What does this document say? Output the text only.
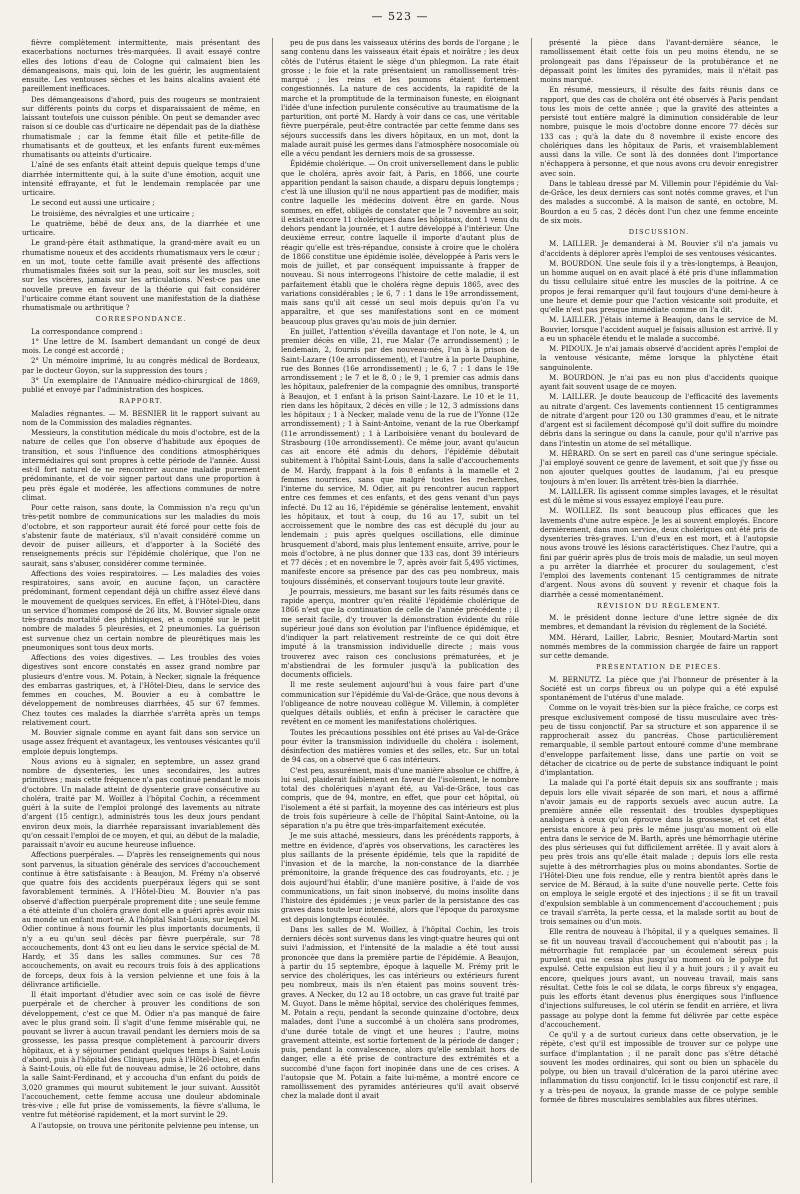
— 523 —

fièvre complètement intermittente, mais présentant des exacerbations nocturnes très-marquées. Il avait essayé contre elles des lotions d'eau de Cologne qui calmaient bien les démangeaisons, mais qui, loin de les guérir, les augmentaient ensuite. Les ventouses sèches et les bains alcalins avaient été pareillement inefficaces.

Des démangeaisons d'abord, puis des rougeurs se montraient sur différents points du corps et disparaissaient de même, en laissant toutefois une cuisson pénible. On peut se demander avec raison si ce double cas d'urticaire ne dépendait pas de la diathèse rhumatismale ; car la femme était fille et petite-fille de rhumatisants et de goutteux, et les enfants furent eux-mêmes rhumatisants ou atteints d'urticaire.

L'aîné de ses enfants était atteint depuis quelque temps d'une diarrhée intermittente qui, à la suite d'une émotion, acquit une intensité effrayante, et fut le lendemain remplacée par une urticaire.

Le second eut aussi une urticaire ;

Le troisième, des névralgies et une urticaire ;

Le quatrième, bébé de deux ans, de la diarrhée et une urticaire.

Le grand-père était asthmatique, la grand-mère avait eu un rhumatisme noueux et des accidents rhumatismaux vers le cœur ; en un mot, toute cette famille avait présenté des affections rhumatismales fixées soit sur la peau, soit sur les muscles, soit sur les viscères, jamais sur les articulations. N'est-ce pas une nouvelle preuve en faveur de la théorie qui fait considérer l'urticaire comme étant souvent une manifestation de la diathèse rhumatismale ou arthritique ?

CORRESPONDANCE.

La correspondance comprend :

1° Une lettre de M. Isambert demandant un congé de deux mois. Le congé est accordé ;

2° Un mémoire imprimé, lu au congrès médical de Bordeaux, par le docteur Goyon, sur la suppression des tours ;

3° Un exemplaire de l'Annuaire médico-chirurgical de 1869, publié et envoyé par l'administration des hospices.

RAPPORT.

Maladies régnantes. — M. BESNIER lit le rapport suivant au nom de la Commission des maladies régnantes.

Messieurs, la constitution médicale du mois d'octobre, est de la nature de celles que l'on observe d'habitude aux époques de transition, et sous l'influence des conditions atmosphériques intermédiaires qui sont propres à cette période de l'année. Aussi est-il fort naturel de ne rencontrer aucune maladie purement prédominante, et de voir signer partout dans une proportion à peu près égale et modérée, les affections communes de notre climat.

Pour cette raison, sans doute, la Commission n'a reçu qu'un très-petit nombre de communications sur les maladies du mois d'octobre, et son rapporteur aurait été forcé pour cette fois de s'abstenir faute de matériaux, s'il n'avait considéré comme un devoir de puiser ailleurs, et d'apporter à la Société des renseignements précis sur l'épidémie cholérique, que l'on ne saurait, sans s'abuser, considérer comme terminée.

Affections des voies respiratoires. — Les maladies des voies respiratoires, sans avoir, en aucune façon, un caractère prédominant, forment cependant déjà un chiffre assez élevé dans le mouvement de quelques services. En effet, à l'Hôtel-Dieu, dans un service d'hommes composé de 26 lits, M. Bouvier signale onze très-grands mortalité des phthisiques, et a compté sur le petit nombre de malades 5 pleurésies, et 2 pneumonies. La guérison est survenue chez un certain nombre de pleurétiques mais les pneumoniques sont tous deux morts.

Affections des voies digestives. — Les troubles des voies digestives sont encore constatés en assez grand nombre par plusieurs d'entre vous. M. Potain, à Necker, signale la fréquence des embarras gastriques, et, à l'Hôtel-Dieu, dans le service des femmes en couches, M. Bouvier a eu à combattre le développement de nombreuses diarrhées, 45 sur 67 femmes. Chez toutes ces malades la diarrhée s'arrêta après un temps relativement court.

M. Bouvier signale comme en ayant fait dans son service un usage assez fréquent et avantageux, les ventouses vésicantes qu'il emploie depuis longtemps.

Nous avions eu à signaler, en septembre, un assez grand nombre de dysenteries, les unes secondaires, les autres primitives ; mais cette fréquence n'a pas continué pendant le mois d'octobre. Un malade atteint de dysenterie grave consécutive au choléra, traité par M. Woillez à l'hôpital Cochin, a récemment guéri à la suite de l'emploi prolongé des lavements au nitrate d'argent (15 centigr.), administrés tous les deux jours pendant environ deux mois, la diarrhée reparaissant invariablement dès qu'on cessait l'emploi de ce moyen, et qui, au début de la maladie, paraissait n'avoir eu aucune heureuse influence.

Affections puerpérales. — D'après les renseignements qui nous sont parvenus, la situation générale des services d'accouchement continue à être satisfaisante : à Beaujon, M. Frémy n'a observé que quatre fois des accidents puerpéraux légers qui se sont favorablement terminés. A l'Hôtel-Dieu M. Bouvier n'a pas observé d'affection puerpérale proprement dite ; une seule femme a été atteinte d'un choléra grave dont elle a guéri après avoir mis au monde un enfant mort-né. A l'hôpital Saint-Louis, sur lequel M. Odier continue à nous fournir les plus importants documents, il n'y a eu qu'un seul décès par fièvre puerpérale, sur 78 accouchements, dont 43 ont eu lieu dans le service spécial de M. Hardy, et 35 dans les salles communes. Sur ces 78 accouchements, on avait eu recours trois fois à des applications de forceps, deux fois à la version pelvienne et une fois à la délivrance artificielle.

Il était important d'étudier avec soin ce cas isolé de fièvre puerpérale et de chercher à prouver les conditions de son développement, c'est ce que M. Odier n'a pas manqué de faire avec le plus grand soin. Il s'agit d'une femme misérable qui, ne pouvant se livrer à aucun travail pendant les derniers mois de sa grossesse, les passa presque complètement à parcourir divers hôpitaux, et à y séjourner pendant quelques temps à Saint-Louis d'abord, puis à l'hôpital des Cliniques, puis à l'Hôtel-Dieu, et enfin à Saint-Louis, où elle fut de nouveau admise, le 26 octobre, dans la salle Saint-Ferdinand, et y accoucha d'un enfant du poids de 3,020 grammes qui mourut subitement le jour suivant. Aussitôt l'accouchement, cette femme accusa une douleur abdominale très-vive ; elle fut prise de vomissements, la fièvre s'alluma, le ventre fut météorisé rapidement, et la mort survint le 29.

A l'autopsie, on trouva une péritonite pelvienne peu intense, un

peu de pus dans les vaisseaux utérins des bords de l'organe ; le sang contenu dans les vaisseaux était épais et noirâtre ; les deux côtés de l'utérus étaient le siège d'un phlegmon. La rate était grosse ; le foie et la rate présentaient un ramollissement très-marqué ; les reins et les poumons étaient fortement congestionnés. La nature de ces accidents, la rapidité de la marche et la promptitude de la terminaison funeste, en éloignant l'idée d'une infection purulente consécutive au traumatisme de la parturition, ont porté M. Hardy à voir dans ce cas, une véritable fièvre puerpérale, peut-être contractée par cette femme dans ses séjours successifs dans les divers hôpitaux, en un mot, dont la malade aurait puisé les germes dans l'atmosphère nosocomiale où elle a vécu pendant les derniers mois de sa grossesse.

Épidémie cholérique. — On croit universellement dans le public que le choléra, après avoir fait, à Paris, en 1866, une courte apparition pendant la saison chaude, a disparu depuis longtemps ; c'est là une illusion qu'il ne nous appartient pas de modifier, mais contre laquelle les médecins doivent être en garde. Nous sommes, en effet, obligés de constater que le 7 novembre au soir, il existait encore 11 cholériques dans les hôpitaux, dont 1 venu du dehors pendant la journée, et 1 autre développé à l'intérieur. Une deuxième erreur, contre laquelle il importe d'autant plus de réagir qu'elle est très-répandue, consiste à croire que le choléra de 1866 constitue une épidémie isolée, développée à Paris vers le mois de juillet, et par conséquent impuissante à frapper de nouveau. Si nous interrogeons l'histoire de cette maladie, il est parfaitement établi que le choléra règne depuis 1865, avec des variations considérables ; le 6, 7 : 1 dans le 19e arrondissement, mais sans qu'il ait cessé un seul mois depuis qu'on l'a vu apparaître, et que ses manifestations sont en ce moment beaucoup plus graves qu'au mois de juin dernier.

En juillet, l'attention s'éveilla davantage et l'on note, le 4, un premier décès en ville, 21, rue Malar (7e arrondissement) ; le lendemain, 2, fournis par des nouveau-nés, l'un à la prison de Saint-Lazare (10e arrondissement), et l'autre à la porte Dauphine, rue des Bonnes (16e arrondissement) ; le 6, 7 : 1 dans le 19e arrondissement ; le 7 et le 8, 0 ; le 9, 1 premier cas admis dans les hôpitaux, palefrenier de la compagnie des omnibus, transporté à Beaujon, et 1 enfant à la prison Saint-Lazare. Le 10 et le 11, rien dans les hôpitaux, 2 décès en ville ; le 12, 3 admissions dans les hôpitaux ; 1 à Necker, malade venu de la rue de l'Yonne (12e arrondissement) ; 1 à Saint-Antoine, venant de la rue Oberkampf (11e arrondissement) ; 1 à Lariboisière venant du boulevard de Strasbourg (10e arrondissement). Ce même jour, avant qu'aucun cas ait encore été admis du dehors, l'épidémie débutait subitement à l'hôpital Saint-Louis, dans la salle d'accouchements de M. Hardy, frappant à la fois 8 enfants à la mamelle et 2 femmes nourrices, sans que malgré toutes les recherches, l'interne du service, M. Odier, ait pu rencontrer aucun rapport entre ces femmes et ces enfants, et des gens venant d'un pays infecté. Du 12 au 16, l'épidémie se généralise lentement, envahit les hôpitaux, et tout à coup, du 16 au 17, subit un tel accroissement que le nombre des cas est décuplé du jour au lendemain ; puis après quelques oscillations, elle diminue brusquement d'abord, mais plus lentement ensuite, arrive, pour le mois d'octobre, à ne plus donner que 133 cas, dont 39 intérieurs et 77 décès ; et en novembre le 7, après avoir fait 5,495 victimes, manifeste encore sa présence par des cas peu nombreux, mais toujours disséminés, et conservant toujours toute leur gravité.

Je pourrais, messieurs, me basant sur les faits résumés dans ce rapide aperçu, montrer qu'en réalité l'épidémie cholérique de 1866 n'est que la continuation de celle de l'année précédente ; il me serait facile, d'y trouver la démonstration évidente du rôle supérieur joué dans son évolution par l'influence épidémique, et d'indiquer la part relativement restreinte de ce qui doit être imputé à la transmission individuelle directe ; mais vous trouverez avec raison ces conclusions prématurées, et je m'abstiendrai de les formuler jusqu'à la publication des documents officiels.

Il me reste seulement aujourd'hui à vous faire part d'une communication sur l'épidémie du Val-de-Grâce, que nous devons à l'obligeance de notre nouveau collègue M. Villemin, à compléter quelques détails oubliés, et enfin à préciser le caractère que revêtent en ce moment les manifestations cholériques.

Toutes les précautions possibles ont été prises au Val-de-Grâce pour éviter la transmission individuelle du choléra : isolement, désinfection des matières vomies et des selles, etc. Sur un total de 94 cas, on a observé que 6 cas intérieurs.

C'est peu, assurément, mais d'une manière absolue ce chiffre, à lui seul, plaiderait faiblement en faveur de l'isolement, le nombre total des cholériques n'ayant été, au Val-de-Grâce, tous cas compris, que de 94, montre, en effet, que pour cet hôpital, où l'isolement a été si parfait, la moyenne des cas intérieurs est plus de trois fois supérieure à celle de l'hôpital Saint-Antoine, où la séparation n'a pu être que très-imparfaitement exécutée.

Je me suis attaché, messieurs, dans les précédents rapports, à mettre en évidence, d'après vos observations, les caractères les plus saillants de la présente épidémie, tels que la rapidité de l'invasion et de la marche, la non-constance de la diarrhée prémonitoire, la grande fréquence des cas foudroyants, etc. ; je dois aujourd'hui établir, d'une manière positive, à l'aide de vos communications, un fait sinon inobservé, du moins insolite dans l'histoire des épidémies ; je veux parler de la persistance des cas graves dans toute leur intensité, alors que l'époque du paroxysme est depuis longtemps écoulée.

Dans les salles de M. Woillez, à l'hôpital Cochin, les trois derniers décès sont survenus dans les vingt-quatre heures qui ont suivi l'admission, et l'intensité de la maladie a été tout aussi prononcée que dans la première partie de l'épidémie. A Beaujon, à partir du 15 septembre, époque à laquelle M. Frémy prit le service des cholériques, les cas intérieurs ou extérieurs furent peu nombreux, mais ils n'en étaient pas moins souvent très-graves. A Necker, du 12 au 18 octobre, un cas grave fut traité par M. Guyot. Dans le même hôpital, service des cholériques femmes, M. Potain a reçu, pendant la seconde quinzaine d'octobre, deux malades, dont l'une a succombé à un choléra sans prodromes, d'une durée totale de vingt et une heures ; l'autre, moins gravement atteinte, est sortie fortement de la période de danger ; puis, pendant la convalescence, alors qu'elle semblait hors de danger, elle a été prise de contracture des extrémités et a succombé d'une façon fort inopinée dans une de ces crises. A l'autopsie que M. Potain a faite lui-même, a montré encore ce ramollissement des pyramides antérieures qu'il avait observé chez la malade dont il avait

présenté la pièce dans l'avant-dernière séance, le ramollissement était cette fois un peu moins étendu, ne se prolongeait pas dans l'épaisseur de la protubérance et ne dépassait point les limites des pyramides, mais il n'était pas moins marqué.

En résumé, messieurs, il résulte des faits réunis dans ce rapport, que des cas de choléra ont été observés à Paris pendant tous les mois de cette année ; que la gravité des atteintes a persisté tout entière malgré la diminution considérable de leur nombre, puisque le mois d'octobre donne encore 77 décès sur 133 cas ; qu'à la date du 8 novembre il existe encore des cholériques dans les hôpitaux de Paris, et vraisemblablement aussi dans la ville. Ce sont là des données dont l'importance n'échappera à personne, et que nous avons cru devoir enregistrer avec soin.

Dans le tableau dressé par M. Villemin pour l'épidémie du Val-de-Grâce, les deux derniers cas sont notés comme graves, et l'un des malades a succombé. A la maison de santé, en octobre, M. Bourdon a eu 5 cas, 2 décès dont l'un chez une femme enceinte de six mois.

DISCUSSION.

M. LAILLER. Je demanderai à M. Bouvier s'il n'a jamais vu d'accidents à déplorer après l'emploi de ses ventouses vésicantes.

M. BOURDON. Une seule fois il y a très-longtemps, à Beaujon, un homme auquel on en avait placé à été pris d'une inflammation du tissu cellulaire situé entre les muscles de la poitrine. A ce propos je ferai remarquer qu'il faut toujours d'une demi-heure à une heure et demie pour que l'action vésicante soit produite, et qu'elle n'est pas presque immédiate comme on l'a dit.

M. LAILLER. J'étais interne à Beaujon, dans le service de M. Bouvier, lorsque l'accident auquel je faisais allusion est arrivé. Il y a eu un sphacèle étendu et le malade a succombé.

M. PIDOUX. Je n'ai jamais observé d'accident après l'emploi de la ventouse vésicante, même lorsque la phlyctène était sanguinolente.

M. BOURDON. Je n'ai pas eu non plus d'accidents quoique ayant fait souvent usage de ce moyen.

M. LAILLER. Je doute beaucoup de l'efficacité des lavements au nitrate d'argent. Ces lavements contiennent 15 centigrammes de nitrate d'argent pour 120 ou 130 grammes d'eau, et le nitrate d'argent est si facilement décomposé qu'il doit suffire du moindre débris dans la seringue ou dans la canule, pour qu'il n'arrive pas dans l'intestin un atome de sel métallique.

M. HÉRARD. On se sert en pareil cas d'une seringue spéciale. J'ai employé souvent ce genre de lavement, et soit que j'y fisse ou non ajouter quelques gouttes de laudanum, j'ai eu presque toujours à m'en louer. Ils arrêtent très-bien la diarrhée.

M. LAILLER. Ils agissent comme simples lavages, et le résultat est dû le même si vous essayez employé l'eau pure.

M. WOILLEZ. Ils sont beaucoup plus efficaces que les lavements d'une autre espèce. Je les ai souvent employés. Encore dernièrement, dans mon service, deux cholériques ont été pris de dysenteries très-graves. L'un d'eux en est mort, et à l'autopsie nous avons trouvé les lésions caractéristiques. Chez l'autre, qui a fini par guérir après plus de trois mois de maladie, un seul moyen a pu arrêter la diarrhée et procurer du soulagement, c'est l'emploi des lavements contenant 15 centigrammes de nitrate d'argent. Nous avons dû souvent y revenir et chaque fois la diarrhée a cessé momentanément.

RÉVISION DU RÈGLEMENT.

M. le président donne lecture d'une lettre signée de dix membres, et demandant la révision du règlement de la Société.

MM. Hérard, Lailler, Labric, Besnier, Moutard-Martin sont nommés membres de la commission chargée de faire un rapport sur cette demande.

PRÉSENTATION DE PIÈCES.

M. BERNUTZ. La pièce que j'ai l'honneur de présenter à la Société est un corps fibreux ou un polype qui a été expulsé spontanément de l'utérus d'une malade.

Comme on le voyait très-bien sur la pièce fraîche, ce corps est presque exclusivement composé de tissu musculaire avec très-peu de tissu conjonctif. Par sa structure et son apparence il se rapprocherait assez du pancréas. Chose particulièrement remarquable, il semble partout entouré comme d'une membrane d'enveloppe parfaitement lisse, dans une partie on voit se détacher de cicatrice ou de perte de substance indiquant le point d'implantation.

La malade qui l'a porté était depuis six ans souffrante ; mais depuis lors elle vivait séparée de son mari, et nous a affirmé n'avoir jamais eu de rapports sexuels avec aucun autre. La première année elle ressentait des troubles dyspeptiques analogues à ceux qu'on éprouve dans la grossesse, et cet état persista encore à peu près le même jusqu'au moment où elle entra dans le service de M. Barth, après une hémorrhagie utérine des plus sérieuses qui fut difficilement arrêtée. Il y avait alors à peu près trois ans qu'elle était malade ; depuis lors elle resta sujette à des métrorrhagies plus ou moins abondantes. Sortie de l'Hôtel-Dieu une fois rendue, elle y rentra bientôt après dans le service de M. Béraud, à la suite d'une nouvelle perte. Cette fois on employa le seigle ergoté et des injections ; il se fit un travail d'expulsion semblable à un commencement d'accouchement ; puis ce travail s'arrêta, la perte cessa, et la malade sortit au bout de trois semaines ou d'un mois.

Elle rentra de nouveau à l'hôpital, il y a quelques semaines. Il se fit un nouveau travail d'accouchement qui n'aboutit pas ; la métrorrhagie fut remplacée par un écoulement séreux puis purulent qui ne cessa plus jusqu'au moment où le polype fut expulsé. Cette expulsion eut lieu il y a huit jours ; il y avait eu encore, quelques jours avant, un nouveau travail, mais sans résultat. Cette fois le col se dilata, le corps fibreux s'y engagea, puis les efforts étant devenus plus énergiques sous l'influence d'injections sulfureuses, le col utérin se fendit en arrière, et livra passage au polype dont la femme fut délivrée par cette espèce d'accouchement.

Ce qu'il y a de surtout curieux dans cette observation, je le répète, c'est qu'il est impossible de trouver sur ce polype une surface d'implantation ; il ne paraît donc pas s'être détaché souvent les modes ordinaires, qui sont ou bien un sphacèle du polype, ou bien un travail d'ulcération de la paroi utérine avec inflammation du tissu conjonctif. Ici le tissu conjonctif est rare, il y a très-peu de noyaux, la grande masse de ce polype semble formée de fibres musculaires semblables aux fibres utérines.
